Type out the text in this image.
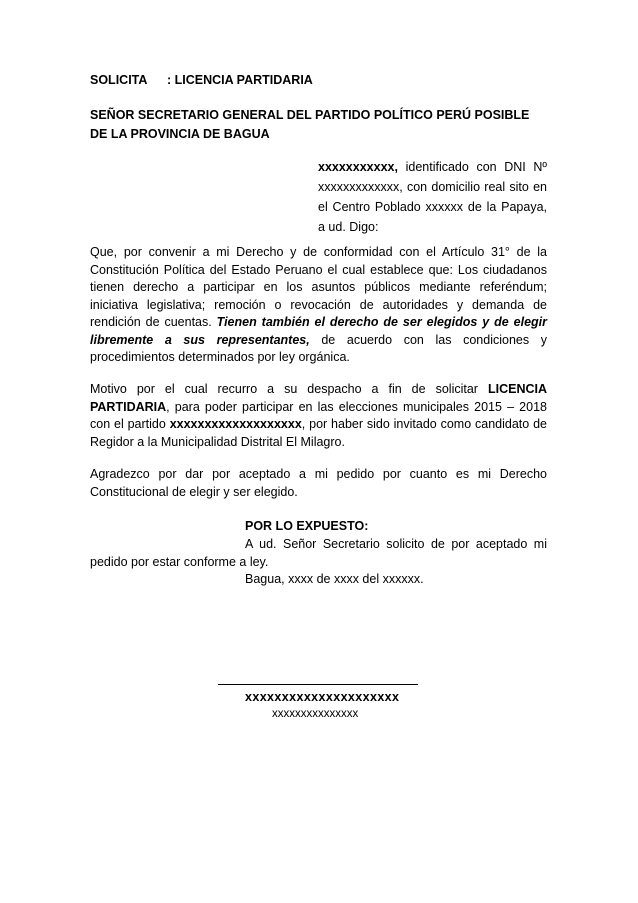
SOLICITA : LICENCIA PARTIDARIA
SEÑOR SECRETARIO GENERAL DEL PARTIDO POLÍTICO PERÚ POSIBLE
DE LA PROVINCIA DE BAGUA
xxxxxxxxxxx, identificado con DNI Nº xxxxxxxxxxxxx, con domicilio real sito en el Centro Poblado xxxxxx de la Papaya, a ud. Digo:
Que, por convenir a mi Derecho y de conformidad con el Artículo 31° de la Constitución Política del Estado Peruano el cual establece que: Los ciudadanos tienen derecho a participar en los asuntos públicos mediante referéndum; iniciativa legislativa; remoción o revocación de autoridades y demanda de rendición de cuentas. Tienen también el derecho de ser elegidos y de elegir libremente a sus representantes, de acuerdo con las condiciones y procedimientos determinados por ley orgánica.
Motivo por el cual recurro a su despacho a fin de solicitar LICENCIA PARTIDARIA, para poder participar en las elecciones municipales 2015 – 2018 con el partido xxxxxxxxxxxxxxxxxxx, por haber sido invitado como candidato de Regidor a la Municipalidad Distrital El Milagro.
Agradezco por dar por aceptado a mi pedido por cuanto es mi Derecho Constitucional de elegir y ser elegido.
POR LO EXPUESTO:
A ud. Señor Secretario solicito de por aceptado mi
pedido por estar conforme a ley.
Bagua, xxxx de xxxx del xxxxxx.
xxxxxxxxxxxxxxxxxxxxx
xxxxxxxxxxxxxxx
